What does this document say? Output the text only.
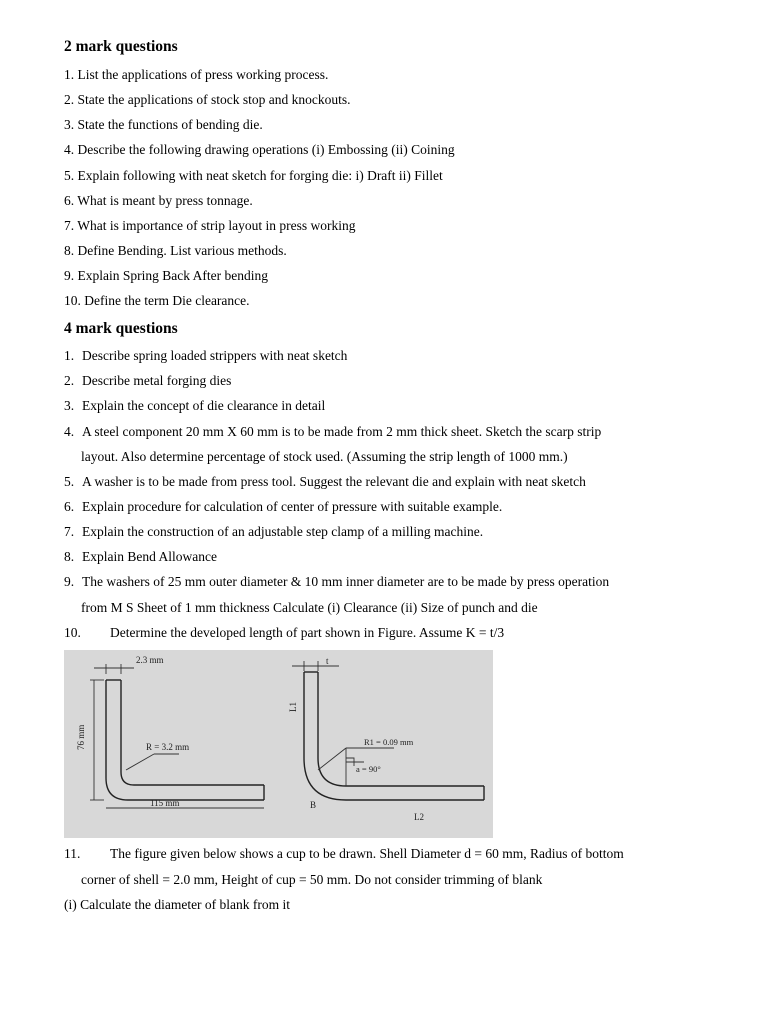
2 mark questions
1. List the applications of press working process.
2. State the applications of stock stop and knockouts.
3. State the functions of bending die.
4. Describe the following drawing operations (i) Embossing (ii) Coining
5. Explain following with neat sketch for forging die: i) Draft ii) Fillet
6. What is meant by press tonnage.
7. What is importance of strip layout in press working
8. Define Bending. List various methods.
9. Explain Spring Back After bending
10. Define the term Die clearance.
4 mark questions
1. Describe spring loaded strippers with neat sketch
2. Describe metal forging dies
3. Explain the concept of die clearance in detail
4. A steel component 20 mm X 60 mm is to be made from 2 mm thick sheet. Sketch the scarp strip
layout. Also determine percentage of stock used. (Assuming the strip length of 1000 mm.)
5. A washer is to be made from press tool. Suggest the relevant die and explain with neat sketch
6. Explain procedure for calculation of center of pressure with suitable example.
7. Explain the construction of an adjustable step clamp of a milling machine.
8. Explain Bend Allowance
9. The washers of 25 mm outer diameter & 10 mm inner diameter are to be made by press operation
from M S Sheet of 1 mm thickness Calculate (i) Clearance (ii) Size of punch and die
10. Determine the developed length of part shown in Figure. Assume K = t/3
2.3 mm
76 mm	R = 3.2 mm
115 mm
t
L1
R1 = 0.09 mm
a = 90°
B
L2
11. The figure given below shows a cup to be drawn. Shell Diameter d = 60 mm, Radius of bottom
corner of shell = 2.0 mm, Height of cup = 50 mm. Do not consider trimming of blank
(i) Calculate the diameter of blank from it
